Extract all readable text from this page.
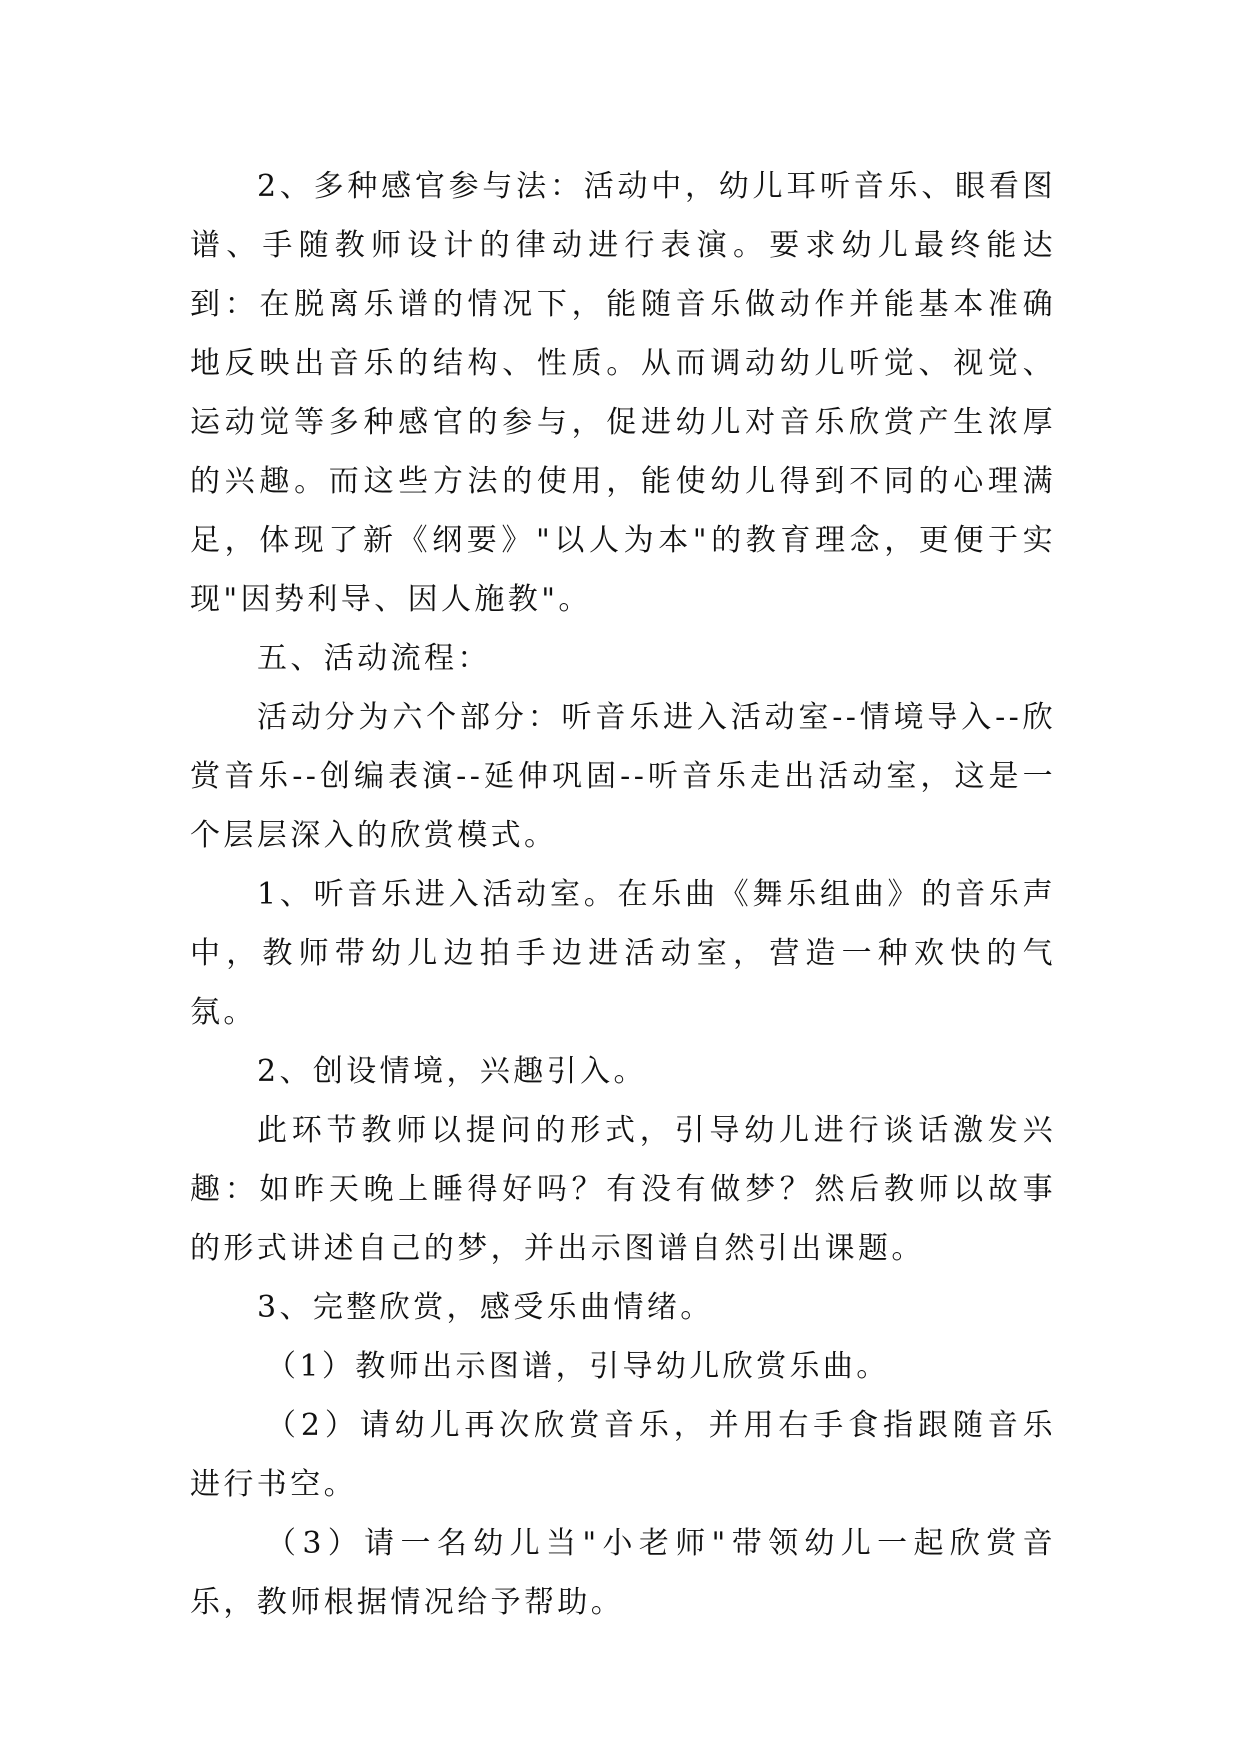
2、多种感官参与法：活动中，幼儿耳听音乐、眼看图谱、手随教师设计的律动进行表演。要求幼儿最终能达到：在脱离乐谱的情况下，能随音乐做动作并能基本准确地反映出音乐的结构、性质。从而调动幼儿听觉、视觉、运动觉等多种感官的参与，促进幼儿对音乐欣赏产生浓厚的兴趣。而这些方法的使用，能使幼儿得到不同的心理满足，体现了新《纲要》"以人为本"的教育理念，更便于实现"因势利导、因人施教"。

五、活动流程：

活动分为六个部分：听音乐进入活动室--情境导入--欣赏音乐--创编表演--延伸巩固--听音乐走出活动室，这是一个层层深入的欣赏模式。

1、听音乐进入活动室。在乐曲《舞乐组曲》的音乐声中，教师带幼儿边拍手边进活动室，营造一种欢快的气氛。

2、创设情境，兴趣引入。

此环节教师以提问的形式，引导幼儿进行谈话激发兴趣：如昨天晚上睡得好吗？有没有做梦？然后教师以故事的形式讲述自己的梦，并出示图谱自然引出课题。

3、完整欣赏，感受乐曲情绪。

（1）教师出示图谱，引导幼儿欣赏乐曲。

（2）请幼儿再次欣赏音乐，并用右手食指跟随音乐进行书空。

（3）请一名幼儿当"小老师"带领幼儿一起欣赏音乐，教师根据情况给予帮助。
